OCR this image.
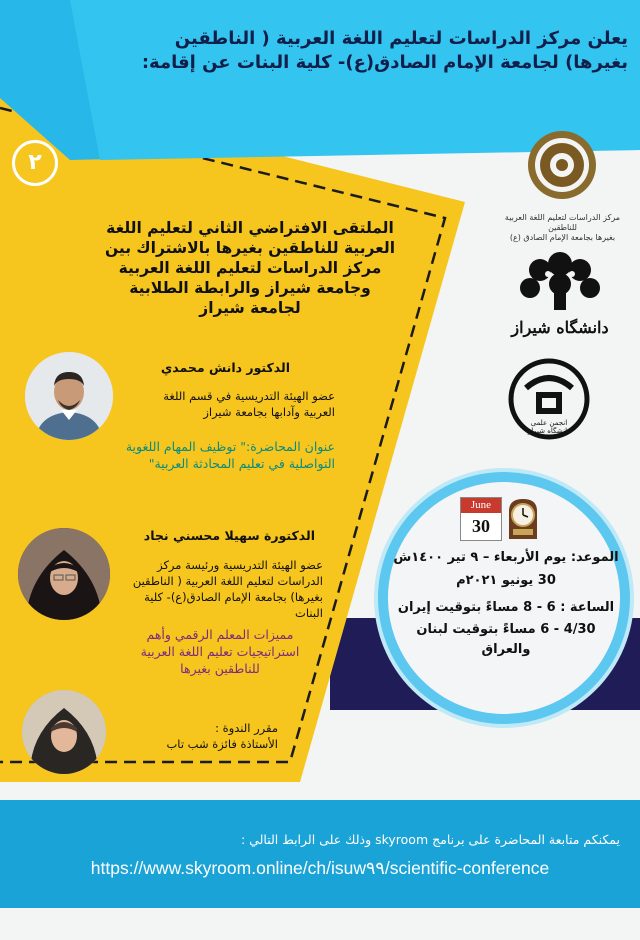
يعلن مركز الدراسات لتعليم اللغة العربية ( الناطقين
بغيرها) لجامعة الإمام الصادق(ع)- كلية البنات عن إقامة:
٢
الملتقى الافتراضي الثاني لتعليم اللغة
العربية للناطقين بغيرها بالاشتراك بين
مركز الدراسات لتعليم اللغة العربية
وجامعة شيراز والرابطة الطلابية
لجامعة شيراز
الدكتور دانش محمدي
عضو الهيئة التدريسية في قسم اللغة
العربية وآدابها بجامعة شيراز
عنوان المحاضرة:" توظيف المهام اللغوية
التواصلية في تعليم المحادثة العربية"
الدكتورة سهيلا محسني نجاد
عضو الهيئة التدريسية ورئيسة مركز
الدراسات لتعليم اللغة العربية ( الناطقين
بغيرها) بجامعة الإمام الصادق(ع)- كلية
البنات
مميزات المعلم الرقمي وأهم
استراتيجيات تعليم اللغة العربية
للناطقين بغيرها
مقرر الندوة :
الأستاذة فائزة شب تاب
مركز الدراسات لتعليم اللغة العربية للناطقين
بغيرها بجامعة الإمام الصادق (ع)
دانشگاه شیراز
انجمن علمی
دانشگاه شیراز
June
30
الموعد: يوم الأربعاء – ٩ تير ١٤٠٠ش
30 يونيو ٢٠٢١م
الساعة : 6 - 8 مساءً بتوقيت إيران
4/30 - 6 مساءً بتوقيت لبنان والعراق
يمكنكم متابعة المحاضرة على برنامج skyroom وذلك على الرابط التالي :
https://www.skyroom.online/ch/isuw٩٩/scientific-conference
